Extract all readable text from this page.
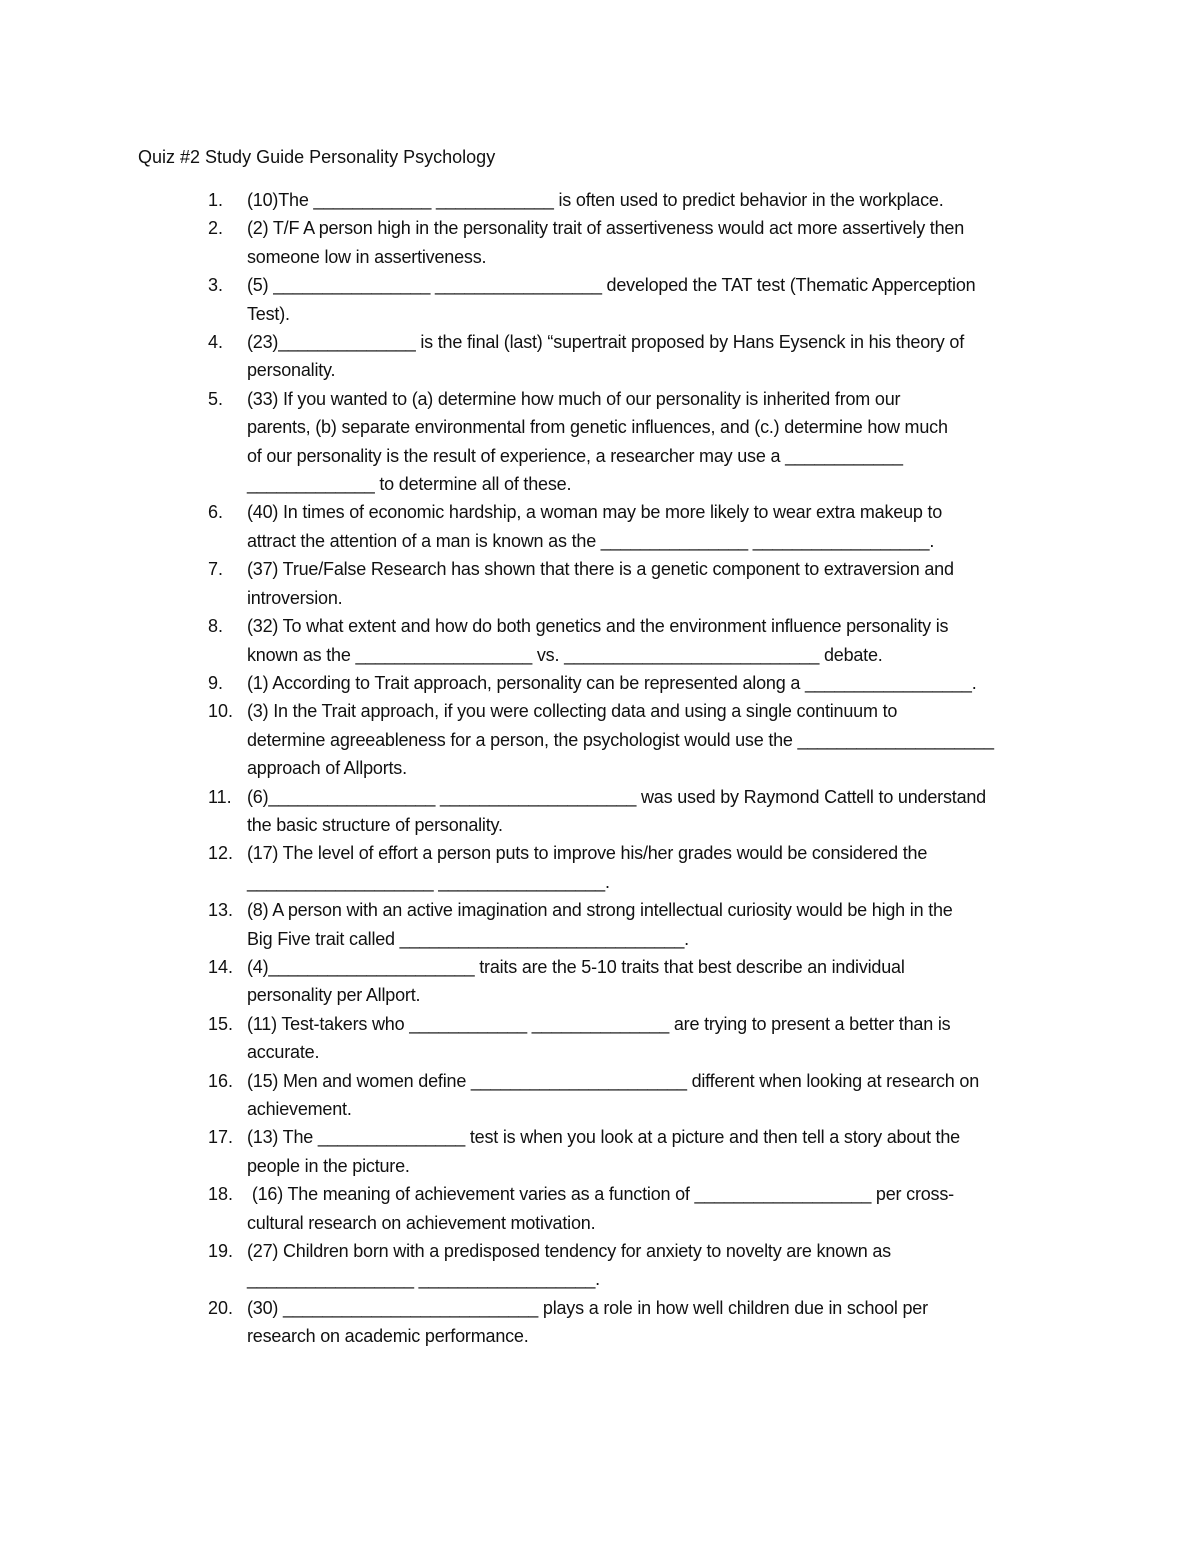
Quiz #2 Study Guide Personality Psychology
1.	(10)The ____________ ____________ is often used to predict behavior in the workplace.
2.	(2) T/F A person high in the personality trait of assertiveness would act more assertively then
someone low in assertiveness.
3.	(5) ________________ _________________ developed the TAT test (Thematic Apperception
Test).
4.	(23)______________ is the final (last) “supertrait proposed by Hans Eysenck in his theory of
personality.
5.	(33) If you wanted to (a) determine how much of our personality is inherited from our
parents, (b) separate environmental from genetic influences, and (c.) determine how much
of our personality is the result of experience, a researcher may use a ____________
_____________ to determine all of these.
6.	(40) In times of economic hardship, a woman may be more likely to wear extra makeup to
attract the attention of a man is known as the _______________ __________________.
7.	(37) True/False Research has shown that there is a genetic component to extraversion and
introversion.
8.	(32) To what extent and how do both genetics and the environment influence personality is
known as the __________________ vs. __________________________ debate.
9.	(1) According to Trait approach, personality can be represented along a _________________.
10. (3) In the Trait approach, if you were collecting data and using a single continuum to
determine agreeableness for a person, the psychologist would use the ____________________
approach of Allports.
11. (6)_________________ ____________________ was used by Raymond Cattell to understand
the basic structure of personality.
12. (17) The level of effort a person puts to improve his/her grades would be considered the
___________________ _________________.
13. (8) A person with an active imagination and strong intellectual curiosity would be high in the
Big Five trait called _____________________________.
14. (4)_____________________ traits are the 5-10 traits that best describe an individual
personality per Allport.
15. (11) Test-takers who ____________ ______________ are trying to present a better than is
accurate.
16. (15) Men and women define ______________________ different when looking at research on
achievement.
17. (13) The _______________ test is when you look at a picture and then tell a story about the
people in the picture.
18. (16) The meaning of achievement varies as a function of __________________ per cross-
cultural research on achievement motivation.
19. (27) Children born with a predisposed tendency for anxiety to novelty are known as
_________________ __________________.
20. (30) __________________________ plays a role in how well children due in school per
research on academic performance.
